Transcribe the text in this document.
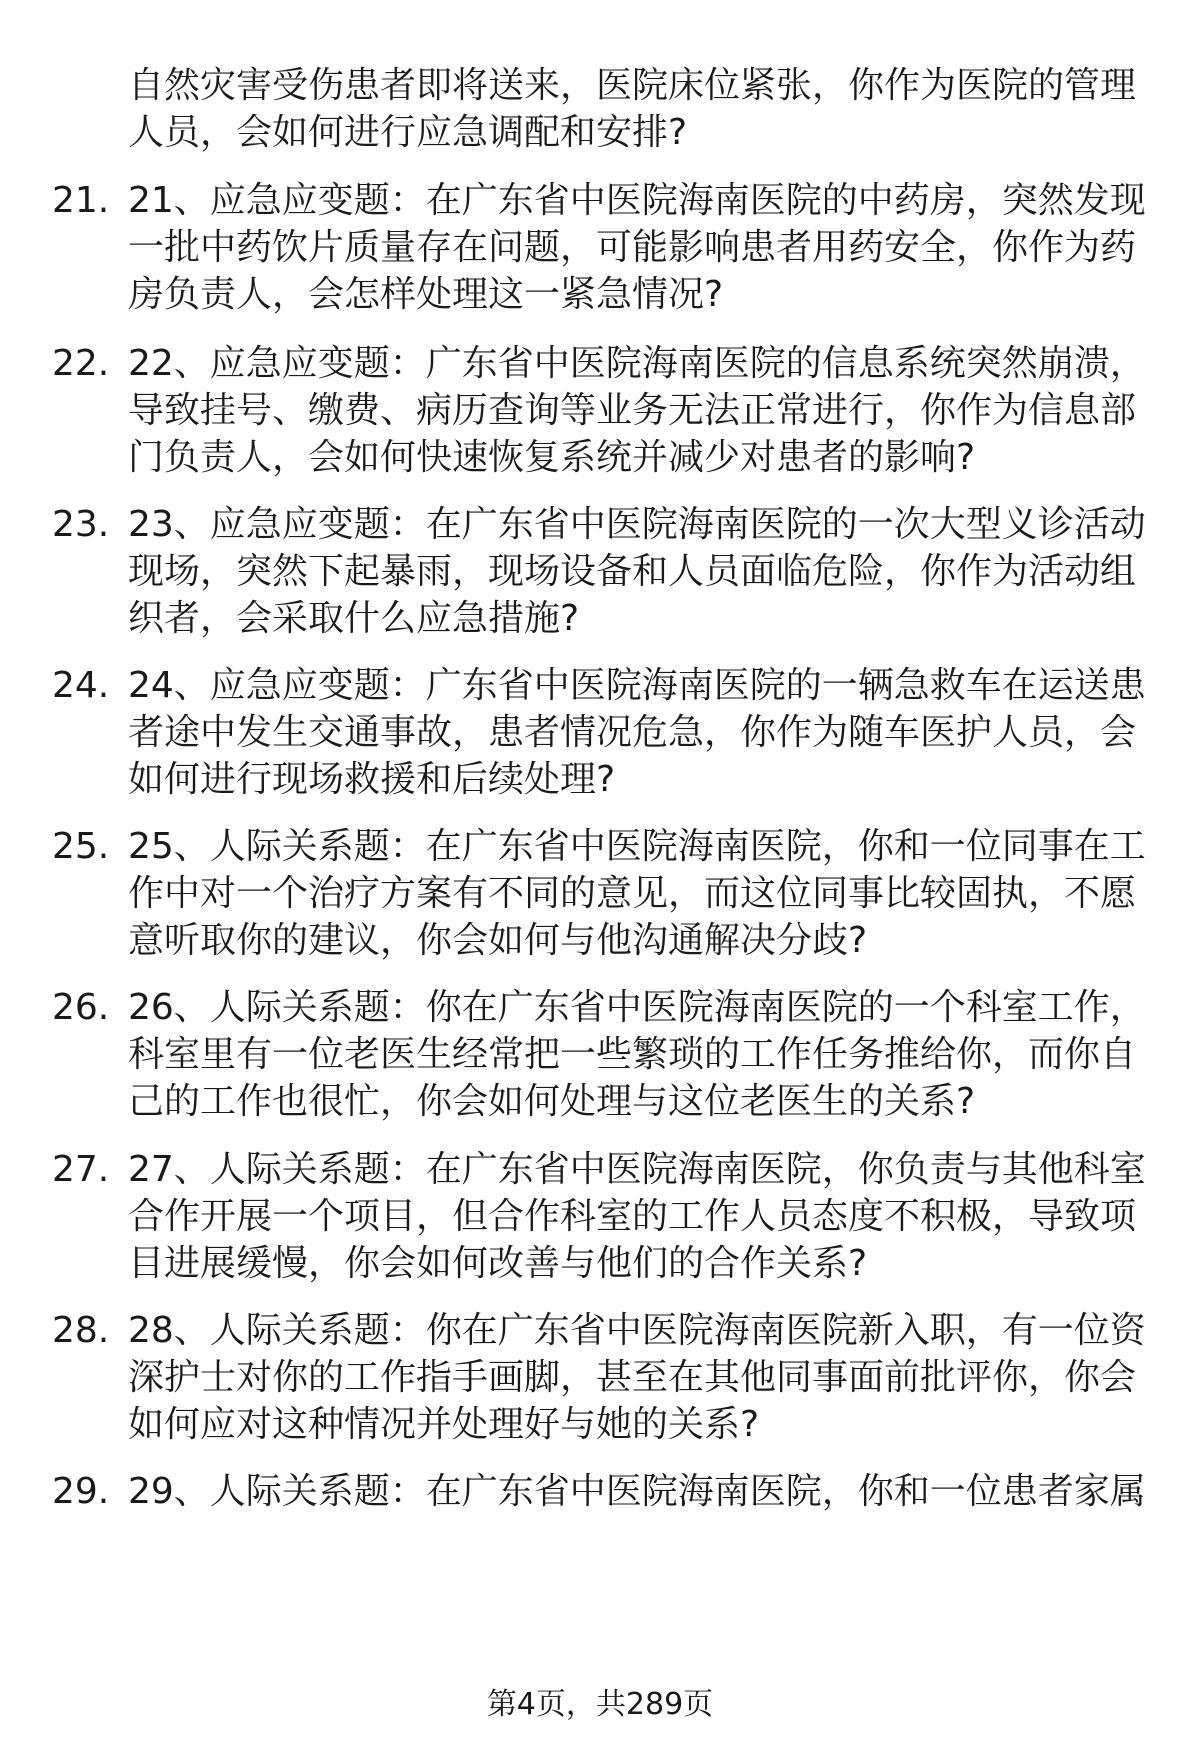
自然灾害受伤患者即将送来，医院床位紧张，你作为医院的管理人员，会如何进行应急调配和安排?

21. 21、应急应变题：在广东省中医院海南医院的中药房，突然发现一批中药饮片质量存在问题，可能影响患者用药安全，你作为药房负责人，会怎样处理这一紧急情况?
22. 22、应急应变题：广东省中医院海南医院的信息系统突然崩溃，导致挂号、缴费、病历查询等业务无法正常进行，你作为信息部门负责人，会如何快速恢复系统并减少对患者的影响?
23. 23、应急应变题：在广东省中医院海南医院的一次大型义诊活动现场，突然下起暴雨，现场设备和人员面临危险，你作为活动组织者，会采取什么应急措施?
24. 24、应急应变题：广东省中医院海南医院的一辆急救车在运送患者途中发生交通事故，患者情况危急，你作为随车医护人员，会如何进行现场救援和后续处理?
25. 25、人际关系题：在广东省中医院海南医院，你和一位同事在工作中对一个治疗方案有不同的意见，而这位同事比较固执，不愿意听取你的建议，你会如何与他沟通解决分歧?
26. 26、人际关系题：你在广东省中医院海南医院的一个科室工作，科室里有一位老医生经常把一些繁琐的工作任务推给你，而你自己的工作也很忙，你会如何处理与这位老医生的关系?
27. 27、人际关系题：在广东省中医院海南医院，你负责与其他科室合作开展一个项目，但合作科室的工作人员态度不积极，导致项目进展缓慢，你会如何改善与他们的合作关系?
28. 28、人际关系题：你在广东省中医院海南医院新入职，有一位资深护士对你的工作指手画脚，甚至在其他同事面前批评你，你会如何应对这种情况并处理好与她的关系?
29. 29、人际关系题：在广东省中医院海南医院，你和一位患者家属
第4页，共289页
